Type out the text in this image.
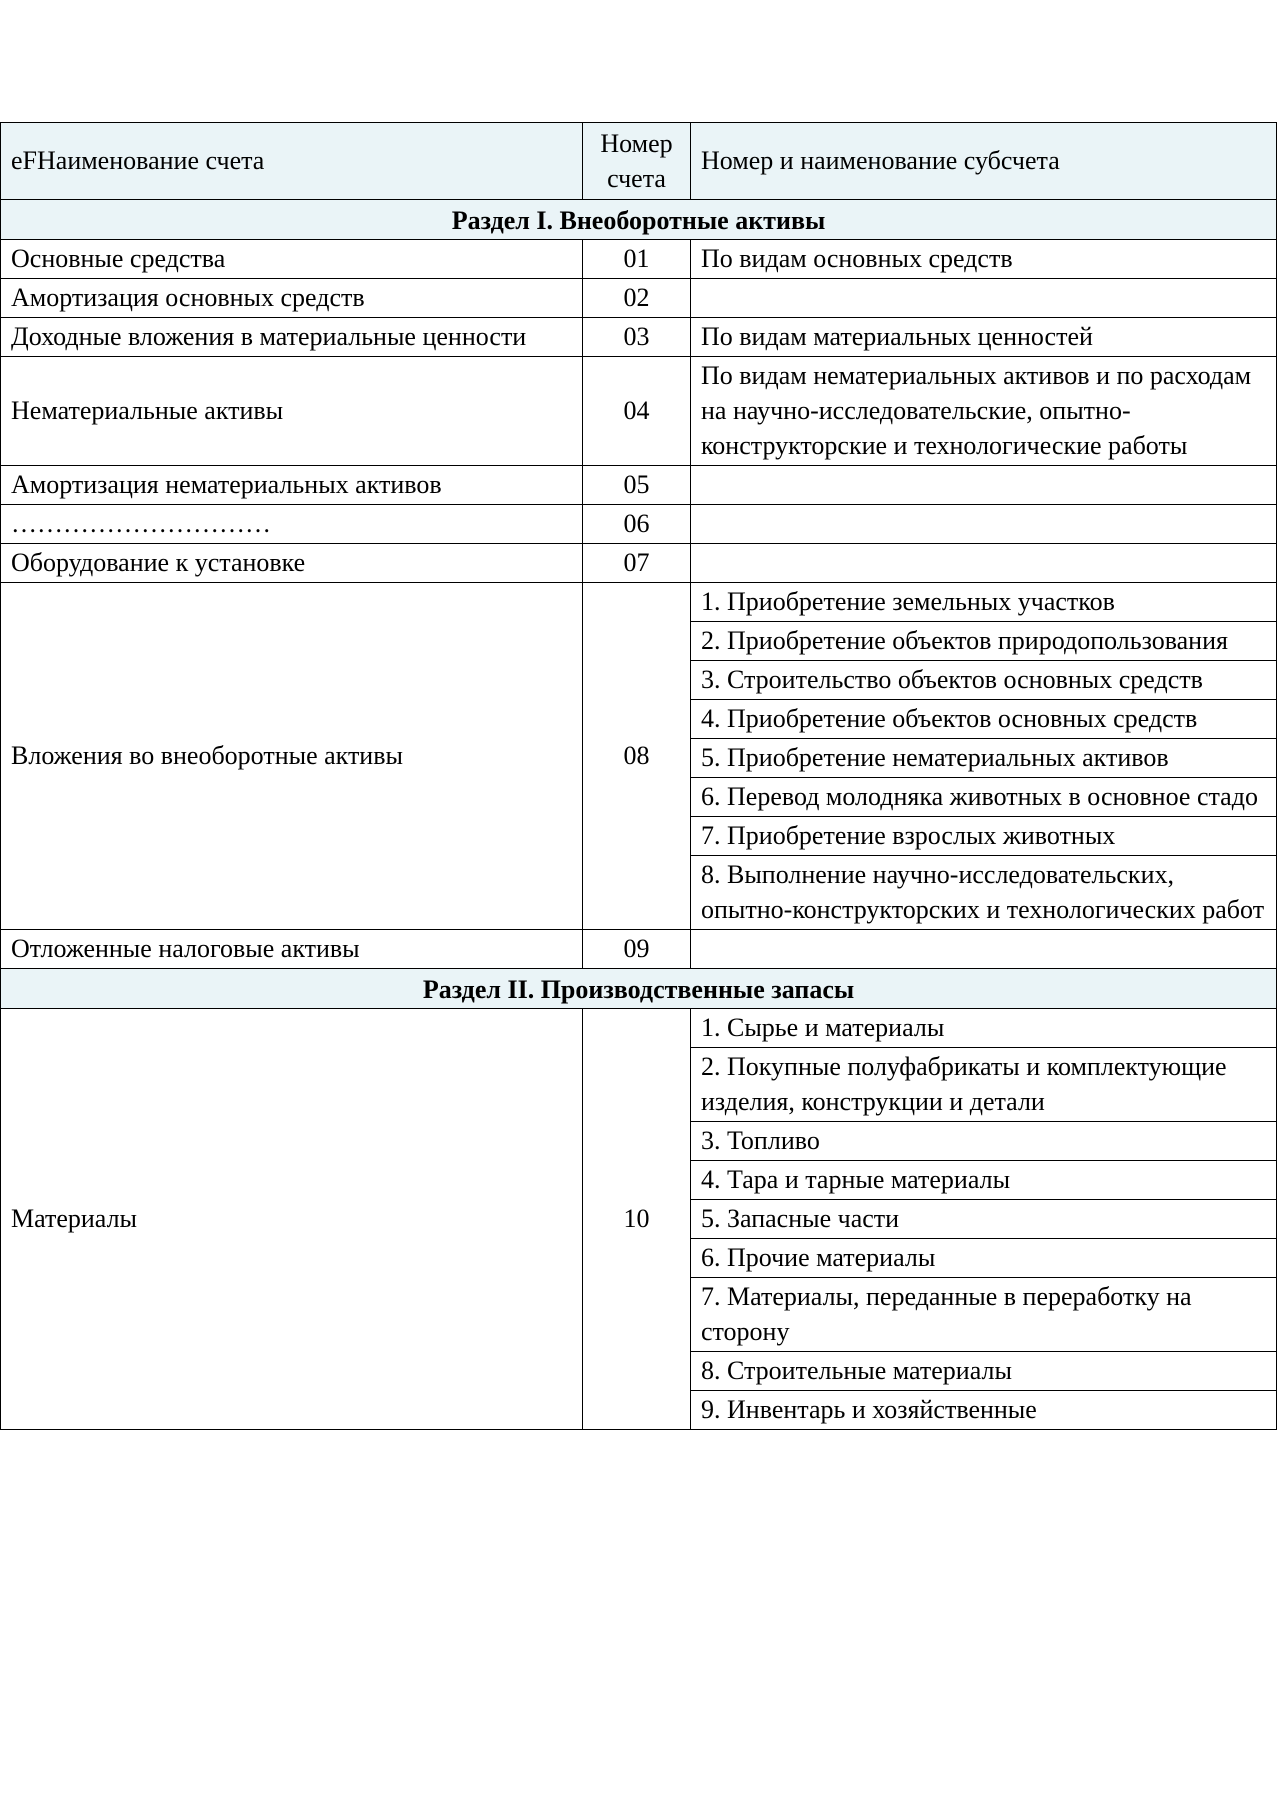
eFНаименование счета	Номер счета	Номер и наименование субсчета
Раздел I. Внеоборотные активы		
Основные средства	01	По видам основных средств
Амортизация основных средств	02	
Доходные вложения в материальные ценности	03	По видам материальных ценностей
Нематериальные активы	04	По видам нематериальных активов и по расходам на научно-исследовательские, опытно-конструкторские и технологические работы
Амортизация нематериальных активов	05	
…………………………	06	
Оборудование к установке	07	
Вложения во внеоборотные активы	08	1. Приобретение земельных участков
		2. Приобретение объектов природопользования
		3. Строительство объектов основных средств
		4. Приобретение объектов основных средств
		5. Приобретение нематериальных активов
		6. Перевод молодняка животных в основное стадо
		7. Приобретение взрослых животных
		8. Выполнение научно-исследовательских, опытно-конструкторских и технологических работ
Отложенные налоговые активы	09	
Раздел II. Производственные запасы		
Материалы	10	1. Сырье и материалы
		2. Покупные полуфабрикаты и комплектующие изделия, конструкции и детали
		3. Топливо
		4. Тара и тарные материалы
		5. Запасные части
		6. Прочие материалы
		7. Материалы, переданные в переработку на сторону
		8. Строительные материалы
		9. Инвентарь и хозяйственные
